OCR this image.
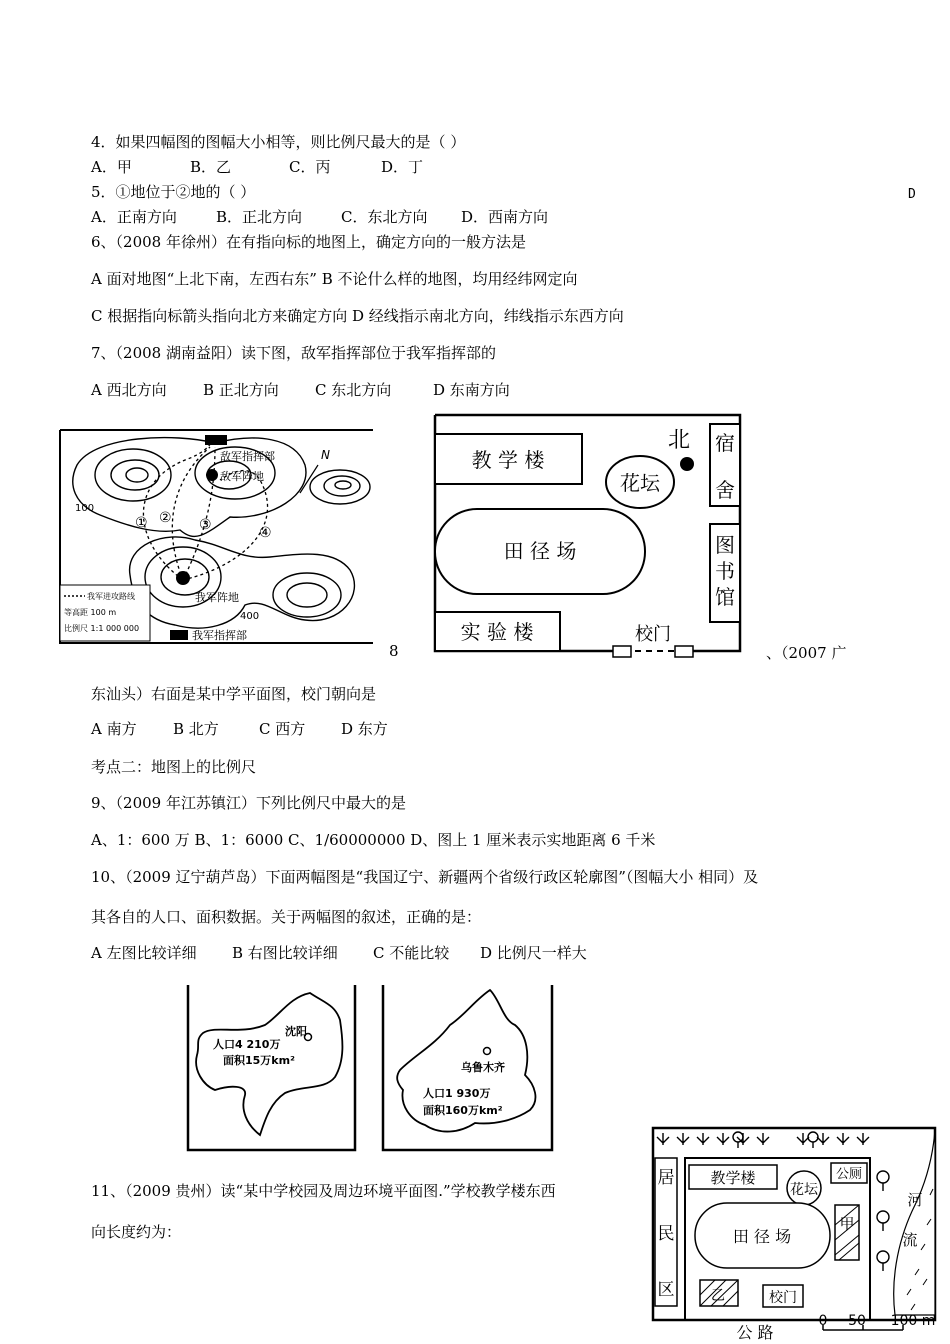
4．如果四幅图的图幅大小相等，则比例尺最大的是（ ）
A．甲	B．乙	C．丙	D．丁
5．①地位于②地的（ ）
A．正南方向	B．正北方向	C．东北方向 D．西南方向
D
6、（2008 年徐州）在有指向标的地图上，确定方向的一般方法是
A 面对地图“上北下南，左西右东” B 不论什么样的地图，均用经纬网定向
C 根据指向标箭头指向北方来确定方向 D 经线指示南北方向，纬线指示东西方向
7、（2008 湖南益阳）读下图，敌军指挥部位于我军指挥部的
A 西北方向 B 正北方向 C 东北方向	D 东南方向
8	、（2007 广
东汕头）右面是某中学平面图，校门朝向是
A 南方 B 北方	C 西方 D 东方
考点二：地图上的比例尺
9、（2009 年江苏镇江）下列比例尺中最大的是
A、1：600 万 B、1：6000 C、1/60000000 D、图上 1 厘米表示实地距离 6 千米
10、（2009 辽宁葫芦岛）下面两幅图是“我国辽宁、新疆两个省级行政区轮廓图”（图幅大小 相同）及
其各自的人口、面积数据。关于两幅图的叙述，正确的是：
A 左图比较详细 B 右图比较详细 C 不能比较 D 比例尺一样大
11、（2009 贵州）读“某中学校园及周边环境平面图.”学校教学楼东西
向长度约为：
敌军指挥部
敌军阵地
我军阵地
我军指挥部
N
100
400
① ② ③	④
我军进攻路线
等高距 100 m
比例尺 1:1 000 000
教 学 楼
北
花坛
宿
舍
田 径 场	图
书
馆
实 验 楼	校门
沈阳
人口4 210万
面积15万km²
乌鲁木齐
人口1 930万
面积160万km²
居
民
区
教学楼
花坛
公厕
田 径 场
甲
乙	校门
河
流
公 路
0 50 100 m
